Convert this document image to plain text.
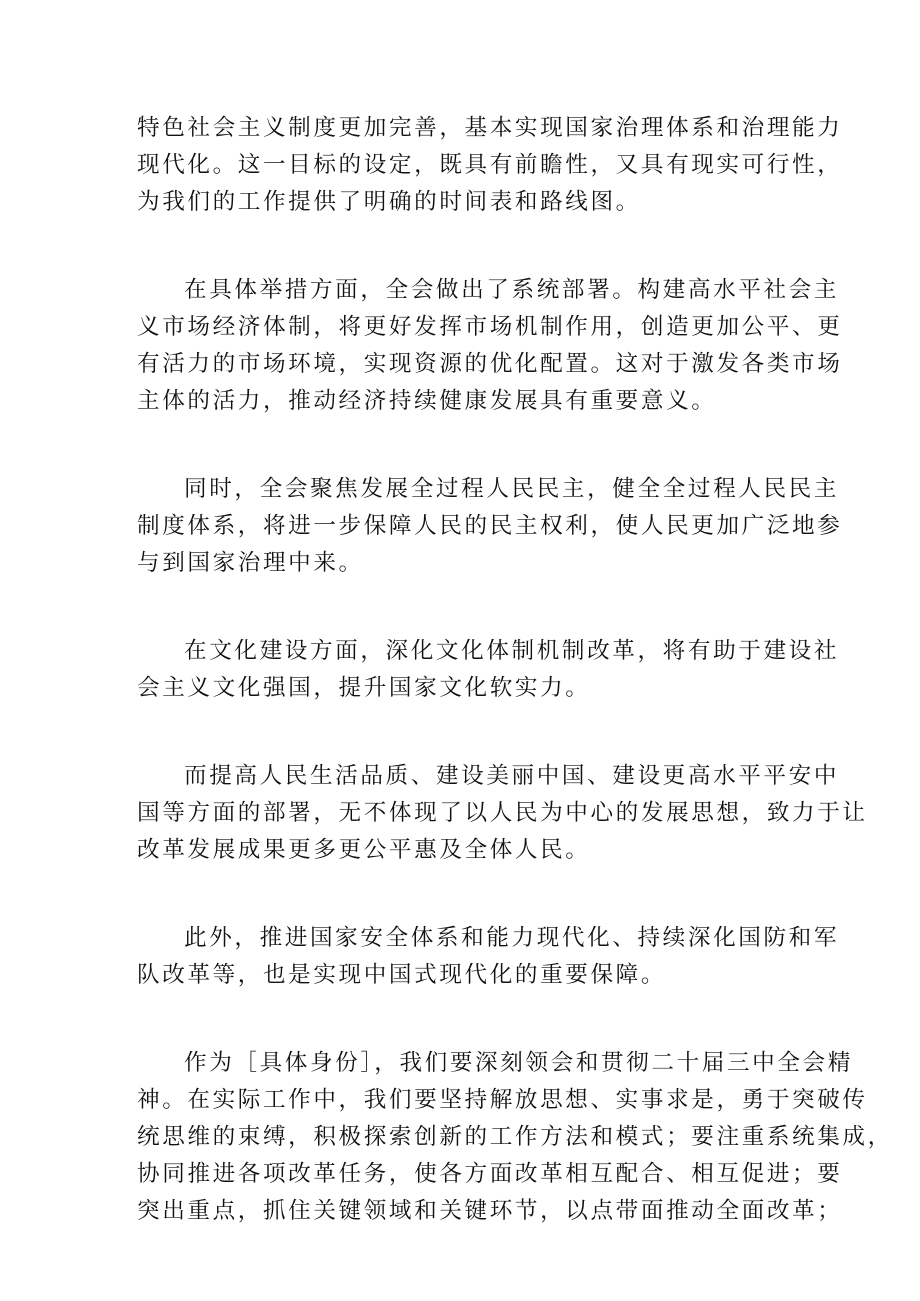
特色社会主义制度更加完善，基本实现国家治理体系和治理能力
现代化。这一目标的设定，既具有前瞻性，又具有现实可行性，
为我们的工作提供了明确的时间表和路线图。

在具体举措方面，全会做出了系统部署。构建高水平社会主
义市场经济体制，将更好发挥市场机制作用，创造更加公平、更
有活力的市场环境，实现资源的优化配置。这对于激发各类市场
主体的活力，推动经济持续健康发展具有重要意义。

同时，全会聚焦发展全过程人民民主，健全全过程人民民主
制度体系，将进一步保障人民的民主权利，使人民更加广泛地参
与到国家治理中来。

在文化建设方面，深化文化体制机制改革，将有助于建设社
会主义文化强国，提升国家文化软实力。

而提高人民生活品质、建设美丽中国、建设更高水平平安中
国等方面的部署，无不体现了以人民为中心的发展思想，致力于让
改革发展成果更多更公平惠及全体人民。

此外，推进国家安全体系和能力现代化、持续深化国防和军
队改革等，也是实现中国式现代化的重要保障。

作为［具体身份］，我们要深刻领会和贯彻二十届三中全会精
神。在实际工作中，我们要坚持解放思想、实事求是，勇于突破传
统思维的束缚，积极探索创新的工作方法和模式；要注重系统集成，
协同推进各项改革任务，使各方面改革相互配合、相互促进；要
突出重点，抓住关键领域和关键环节，以点带面推动全面改革；
